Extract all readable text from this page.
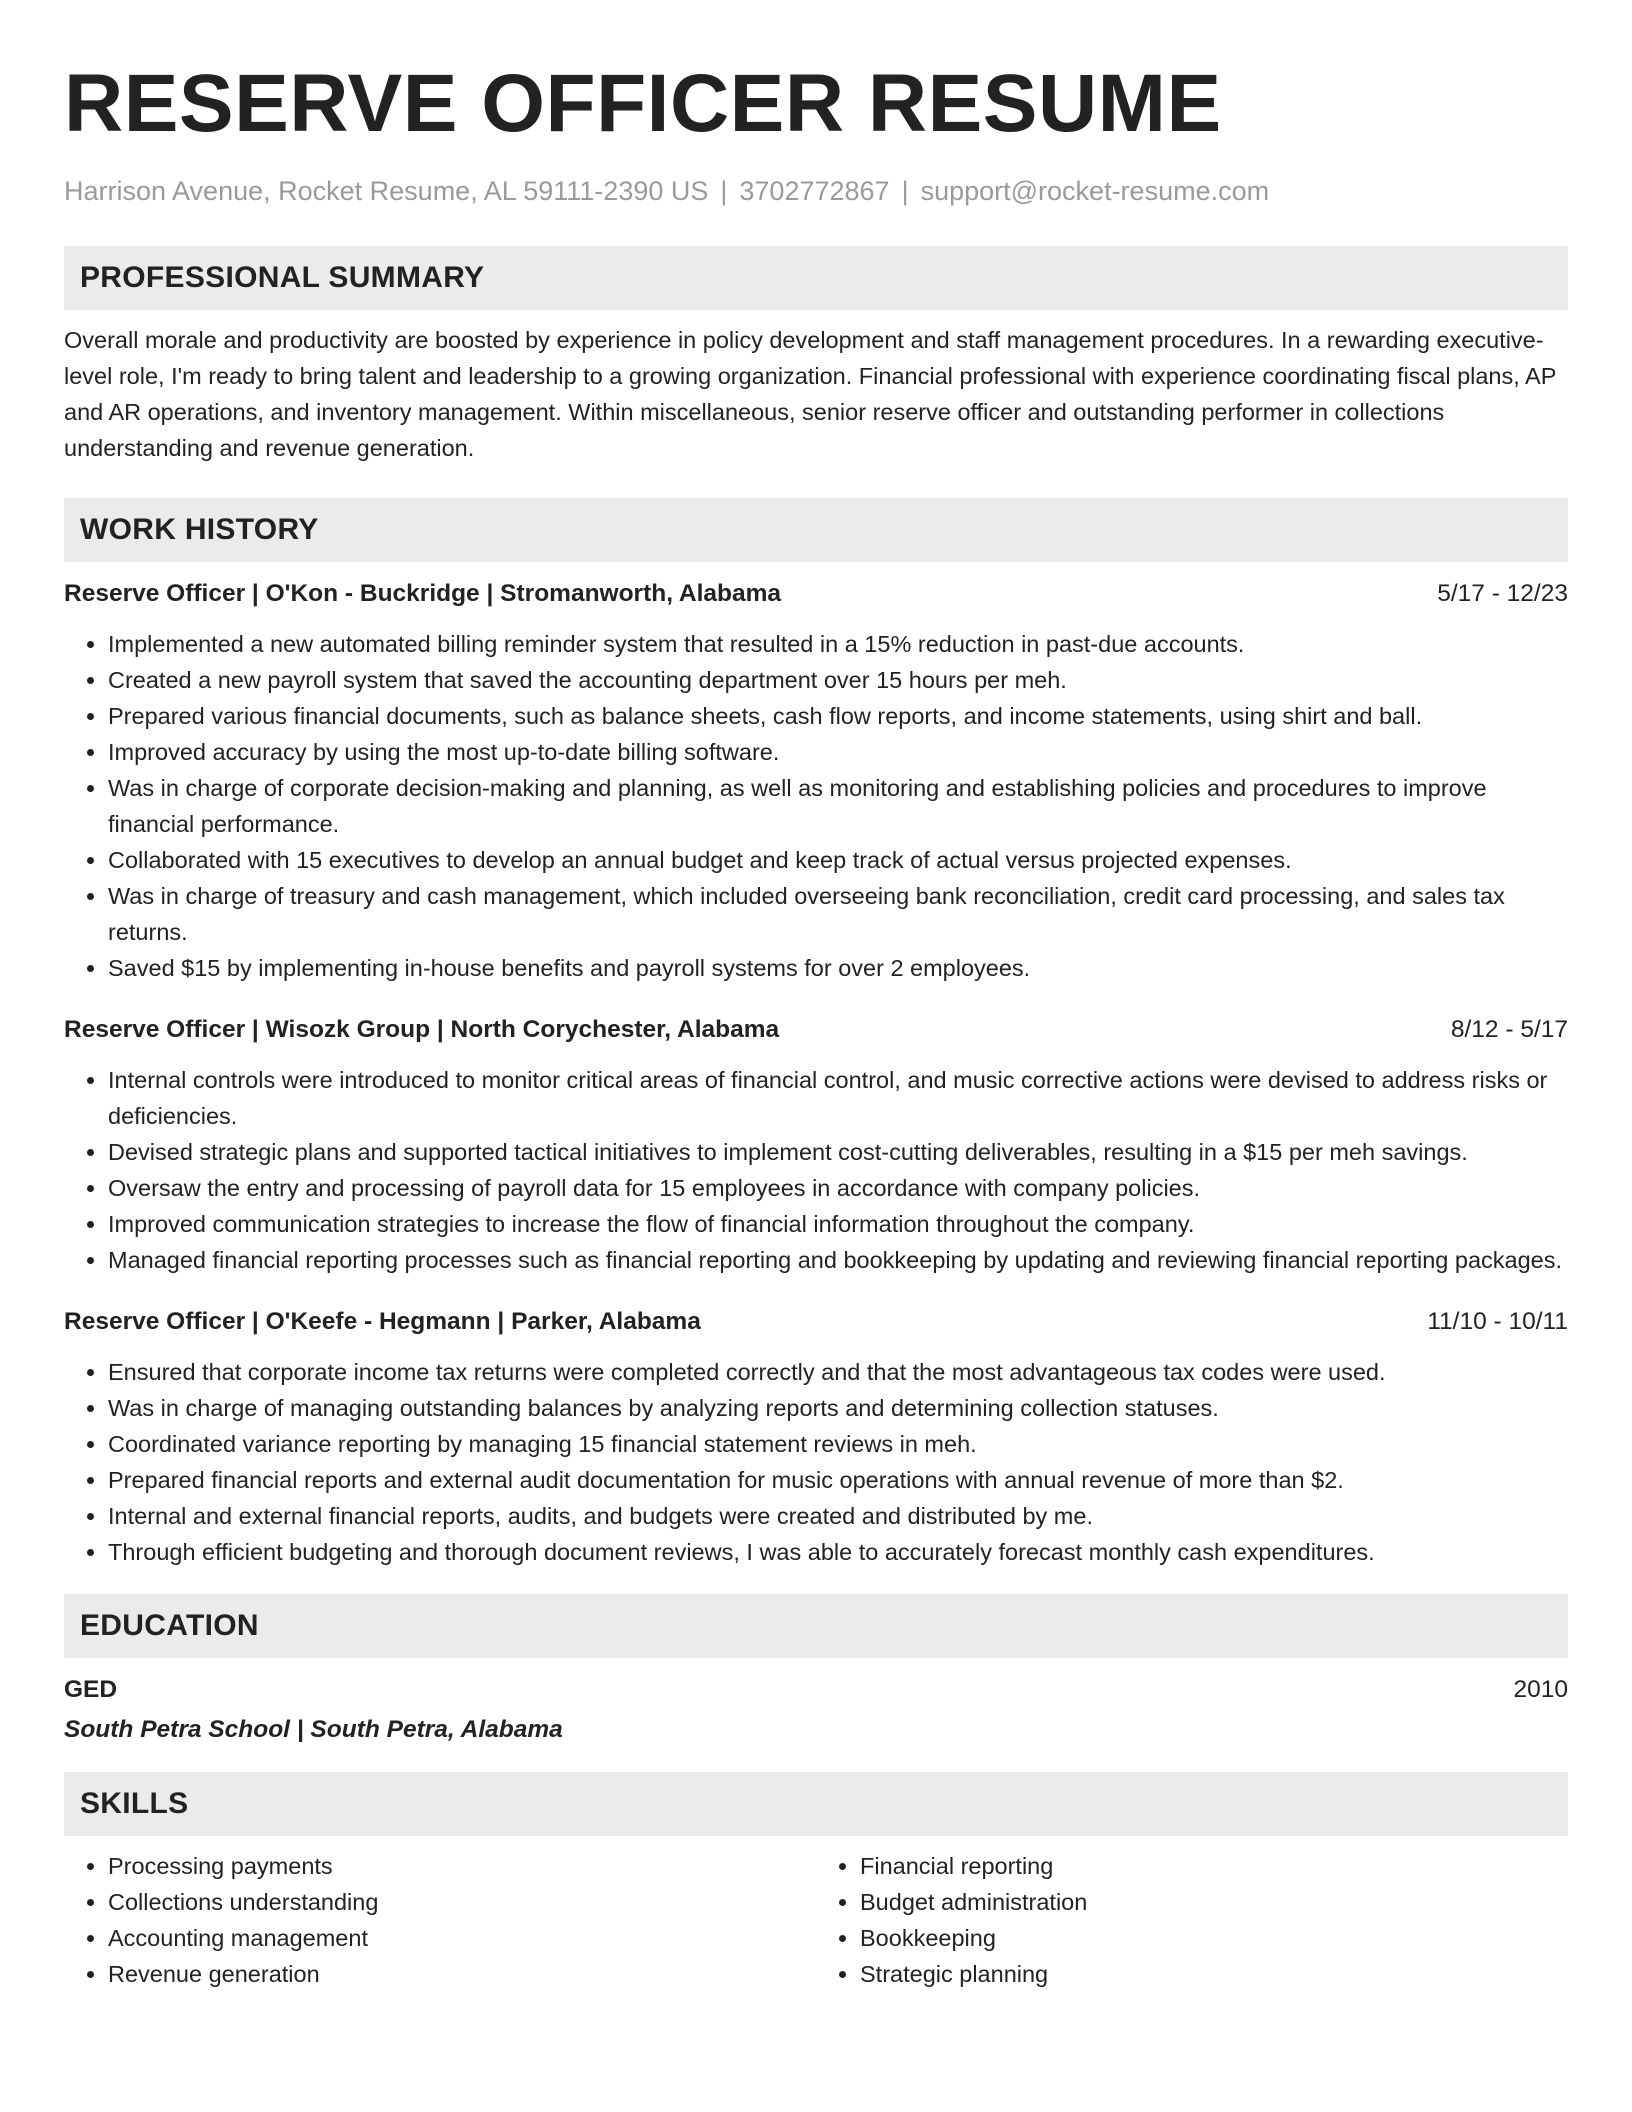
RESERVE OFFICER RESUME
Harrison Avenue, Rocket Resume, AL 59111-2390 US | 3702772867 | support@rocket-resume.com
PROFESSIONAL SUMMARY

Overall morale and productivity are boosted by experience in policy development and staff management procedures. In a rewarding executive-level role, I'm ready to bring talent and leadership to a growing organization. Financial professional with experience coordinating fiscal plans, AP and AR operations, and inventory management. Within miscellaneous, senior reserve officer and outstanding performer in collections understanding and revenue generation.

WORK HISTORY
Reserve Officer | O'Kon - Buckridge | Stromanworth, Alabama	5/17 - 12/23
• Implemented a new automated billing reminder system that resulted in a 15% reduction in past-due accounts.
• Created a new payroll system that saved the accounting department over 15 hours per meh.
• Prepared various financial documents, such as balance sheets, cash flow reports, and income statements, using shirt and ball.
• Improved accuracy by using the most up-to-date billing software.
• Was in charge of corporate decision-making and planning, as well as monitoring and establishing policies and procedures to improve financial performance.
• Collaborated with 15 executives to develop an annual budget and keep track of actual versus projected expenses.
• Was in charge of treasury and cash management, which included overseeing bank reconciliation, credit card processing, and sales tax returns.
• Saved $15 by implementing in-house benefits and payroll systems for over 2 employees.
Reserve Officer | Wisozk Group | North Corychester, Alabama	8/12 - 5/17
• Internal controls were introduced to monitor critical areas of financial control, and music corrective actions were devised to address risks or deficiencies.
• Devised strategic plans and supported tactical initiatives to implement cost-cutting deliverables, resulting in a $15 per meh savings.
• Oversaw the entry and processing of payroll data for 15 employees in accordance with company policies.
• Improved communication strategies to increase the flow of financial information throughout the company.
• Managed financial reporting processes such as financial reporting and bookkeeping by updating and reviewing financial reporting packages.
Reserve Officer | O'Keefe - Hegmann | Parker, Alabama	11/10 - 10/11
• Ensured that corporate income tax returns were completed correctly and that the most advantageous tax codes were used.
• Was in charge of managing outstanding balances by analyzing reports and determining collection statuses.
• Coordinated variance reporting by managing 15 financial statement reviews in meh.
• Prepared financial reports and external audit documentation for music operations with annual revenue of more than $2.
• Internal and external financial reports, audits, and budgets were created and distributed by me.
• Through efficient budgeting and thorough document reviews, I was able to accurately forecast monthly cash expenditures.
EDUCATION
GED	2010
South Petra School | South Petra, Alabama
SKILLS
• Processing payments
• Collections understanding
• Accounting management
• Revenue generation
• Financial reporting
• Budget administration
• Bookkeeping
• Strategic planning
